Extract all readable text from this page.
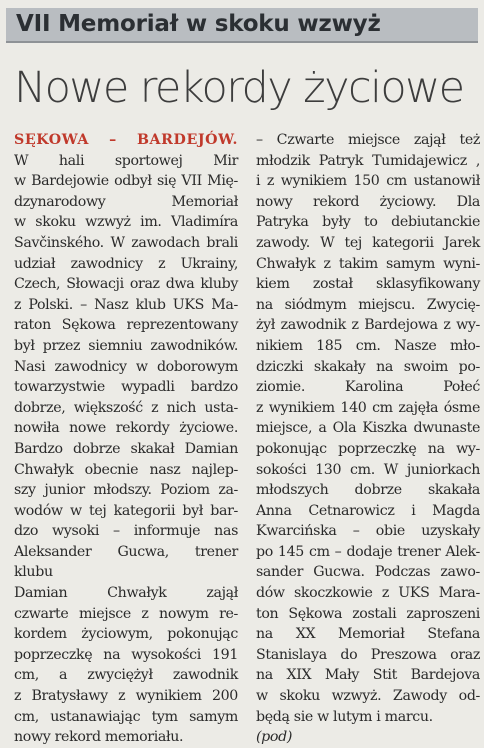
VII Memoriał w skoku wzwyż
Nowe rekordy życiowe
SĘKOWA – BARDEJÓW.
W hali sportowej Mir
w Bardejowie odbył się VII Mię-
dzynarodowy Memoriał
w skoku wzwyż im. Vladimíra
Savčinského. W zawodach brali
udział zawodnicy z Ukrainy,
Czech, Słowacji oraz dwa kluby
z Polski. – Nasz klub UKS Ma-
raton Sękowa reprezentowany
był przez siemniu zawodników.
Nasi zawodnicy w doborowym
towarzystwie wypadli bardzo
dobrze, większość z nich usta-
nowiła nowe rekordy życiowe.
Bardzo dobrze skakał Damian
Chwałyk obecnie nasz najlep-
szy junior młodszy. Poziom za-
wodów w tej kategorii był bar-
dzo wysoki – informuje nas
Aleksander Gucwa, trener
klubu
Damian Chwałyk zajął
czwarte miejsce z nowym re-
kordem życiowym, pokonując
poprzeczkę na wysokości 191
cm, a zwyciężył zawodnik
z Bratysławy z wynikiem 200
cm, ustanawiając tym samym
nowy rekord memoriału.
– Czwarte miejsce zajął też
młodzik Patryk Tumidajewicz ,
i z wynikiem 150 cm ustanowił
nowy rekord życiowy. Dla
Patryka były to debiutanckie
zawody. W tej kategorii Jarek
Chwałyk z takim samym wyni-
kiem został sklasyfikowany
na siódmym miejscu. Zwycię-
żył zawodnik z Bardejowa z wy-
nikiem 185 cm. Nasze mło-
dziczki skakały na swoim po-
ziomie. Karolina Połeć
z wynikiem 140 cm zajęła ósme
miejsce, a Ola Kiszka dwunaste
pokonując poprzeczkę na wy-
sokości 130 cm. W juniorkach
młodszych dobrze skakała
Anna Cetnarowicz i Magda
Kwarcińska – obie uzyskały
po 145 cm – dodaje trener Alek-
sander Gucwa. Podczas zawo-
dów skoczkowie z UKS Mara-
ton Sękowa zostali zaproszeni
na XX Memoriał Stefana
Stanislaya do Preszowa oraz
na XIX Mały Stit Bardejova
w skoku wzwyż. Zawody od-
będą sie w lutym i marcu.
(pod)
